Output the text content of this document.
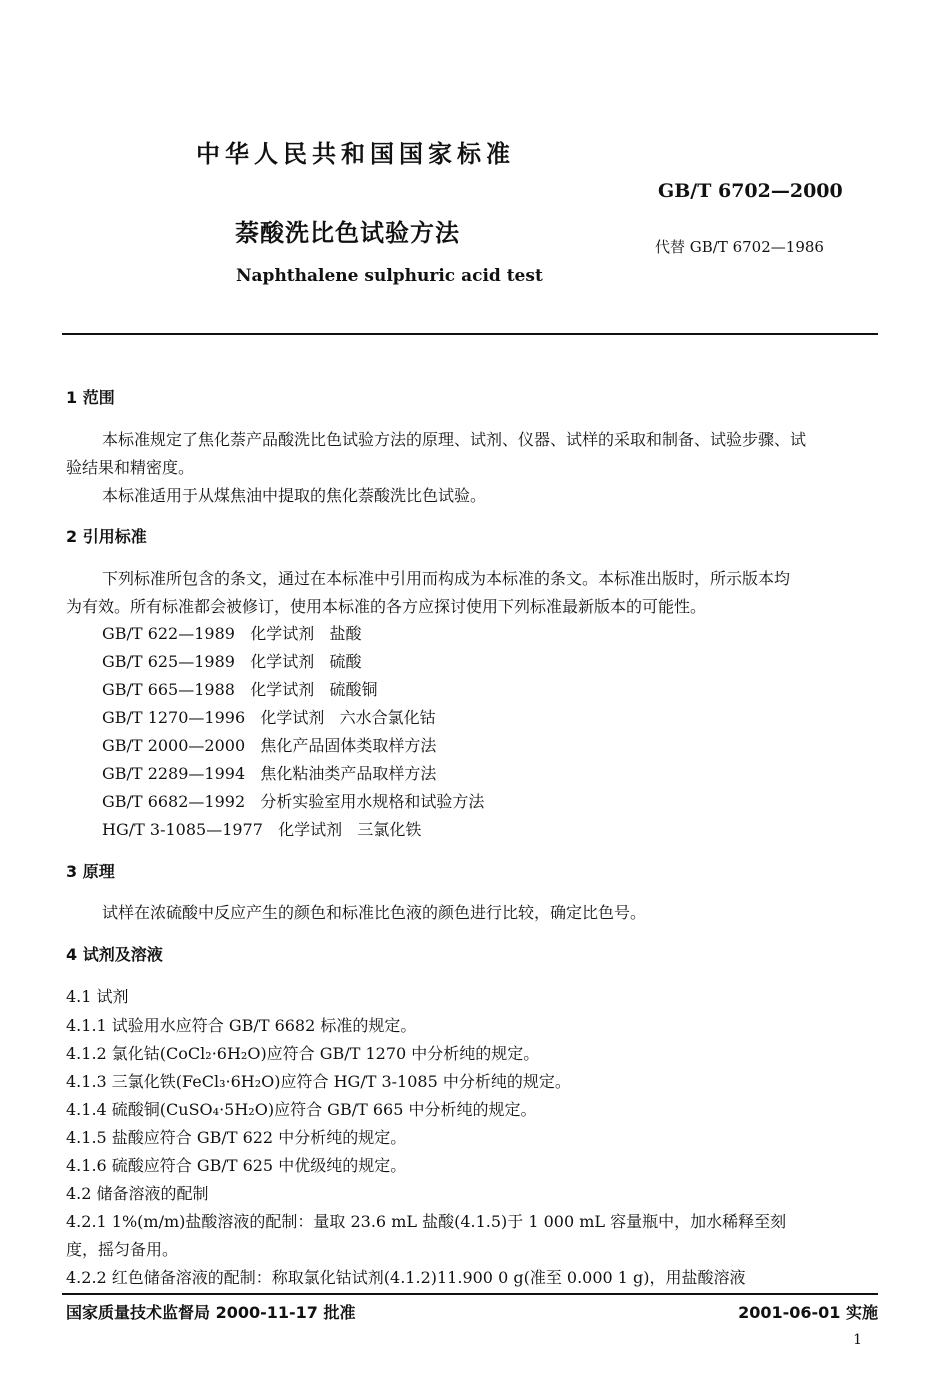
中华人民共和国国家标准
GB/T 6702—2000
萘酸洗比色试验方法	代替 GB/T 6702—1986
Naphthalene sulphuric acid test
1 范围
本标准规定了焦化萘产品酸洗比色试验方法的原理、试剂、仪器、试样的采取和制备、试验步骤、试
验结果和精密度。
本标准适用于从煤焦油中提取的焦化萘酸洗比色试验。
2 引用标准
下列标准所包含的条文，通过在本标准中引用而构成为本标准的条文。本标准出版时，所示版本均
为有效。所有标准都会被修订，使用本标准的各方应探讨使用下列标准最新版本的可能性。
GB/T 622—1989   化学试剂   盐酸
GB/T 625—1989   化学试剂   硫酸
GB/T 665—1988   化学试剂   硫酸铜
GB/T 1270—1996   化学试剂   六水合氯化钴
GB/T 2000—2000   焦化产品固体类取样方法
GB/T 2289—1994   焦化粘油类产品取样方法
GB/T 6682—1992   分析实验室用水规格和试验方法
HG/T 3-1085—1977   化学试剂   三氯化铁
3 原理
试样在浓硫酸中反应产生的颜色和标准比色液的颜色进行比较，确定比色号。
4 试剂及溶液
4.1 试剂
4.1.1 试验用水应符合 GB/T 6682 标准的规定。
4.1.2 氯化钴(CoCl₂·6H₂O)应符合 GB/T 1270 中分析纯的规定。
4.1.3 三氯化铁(FeCl₃·6H₂O)应符合 HG/T 3-1085 中分析纯的规定。
4.1.4 硫酸铜(CuSO₄·5H₂O)应符合 GB/T 665 中分析纯的规定。
4.1.5 盐酸应符合 GB/T 622 中分析纯的规定。
4.1.6 硫酸应符合 GB/T 625 中优级纯的规定。
4.2 储备溶液的配制
4.2.1 1%(m/m)盐酸溶液的配制：量取 23.6 mL 盐酸(4.1.5)于 1 000 mL 容量瓶中，加水稀释至刻
度，摇匀备用。
4.2.2 红色储备溶液的配制：称取氯化钴试剂(4.1.2)11.900 0 g(准至 0.000 1 g)，用盐酸溶液
国家质量技术监督局 2000-11-17 批准	2001-06-01 实施
1
